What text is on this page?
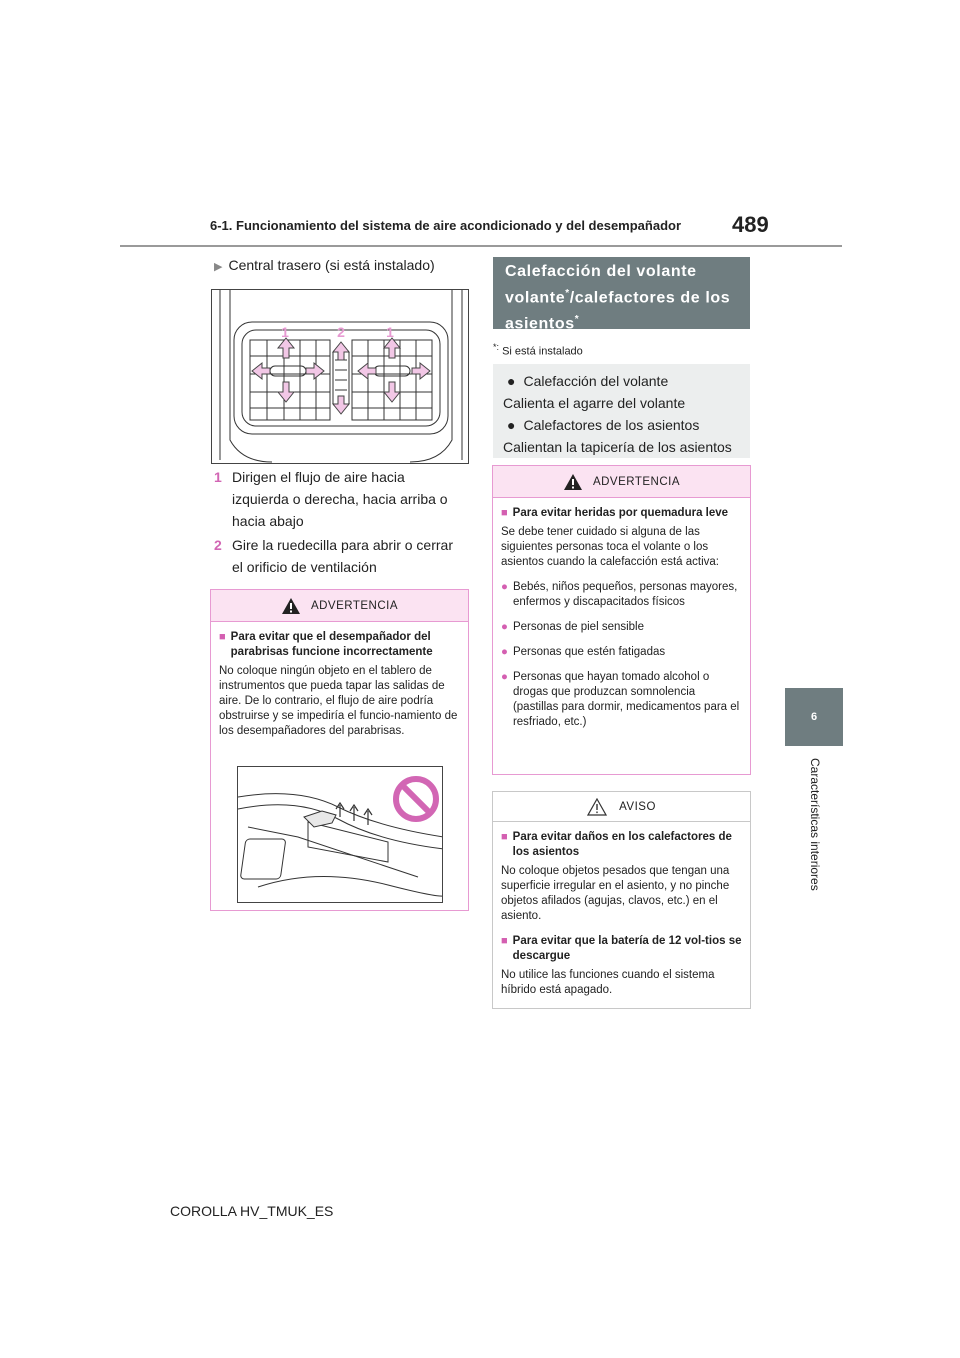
6-1. Funcionamiento del sistema de aire acondicionado y del desempañador 489
6
Características interiores
▶ Central trasero (si está instalado)
1	2	1
1 Dirigen el flujo de aire hacia izquierda o derecha, hacia arriba o hacia abajo
2 Gire la ruedecilla para abrir o cerrar el orificio de ventilación
ADVERTENCIA
■ Para evitar que el desempañador del parabrisas funcione incorrectamente
No coloque ningún objeto en el tablero de instrumentos que pueda tapar las salidas de aire. De lo contrario, el flujo de aire podría obstruirse y se impediría el funcio-namiento de los desempañadores del parabrisas.
Calefacción del volante
volante*/calefactores de los asientos*
*: Si está instalado
● Calefacción del volante
Calienta el agarre del volante
● Calefactores de los asientos
Calientan la tapicería de los asientos
ADVERTENCIA
■ Para evitar heridas por quemadura leve
Se debe tener cuidado si alguna de las siguientes personas toca el volante o los asientos cuando la calefacción está activa:
● Bebés, niños pequeños, personas mayores, enfermos y discapacitados físicos
● Personas de piel sensible
● Personas que estén fatigadas
● Personas que hayan tomado alcohol o drogas que produzcan somnolencia (pastillas para dormir, medicamentos para el resfriado, etc.)
AVISO
■ Para evitar daños en los calefactores de los asientos
No coloque objetos pesados que tengan una superficie irregular en el asiento, y no pinche objetos afilados (agujas, clavos, etc.) en el asiento.
■ Para evitar que la batería de 12 vol-tios se descargue
No utilice las funciones cuando el sistema híbrido está apagado.
COROLLA HV_TMUK_ES
